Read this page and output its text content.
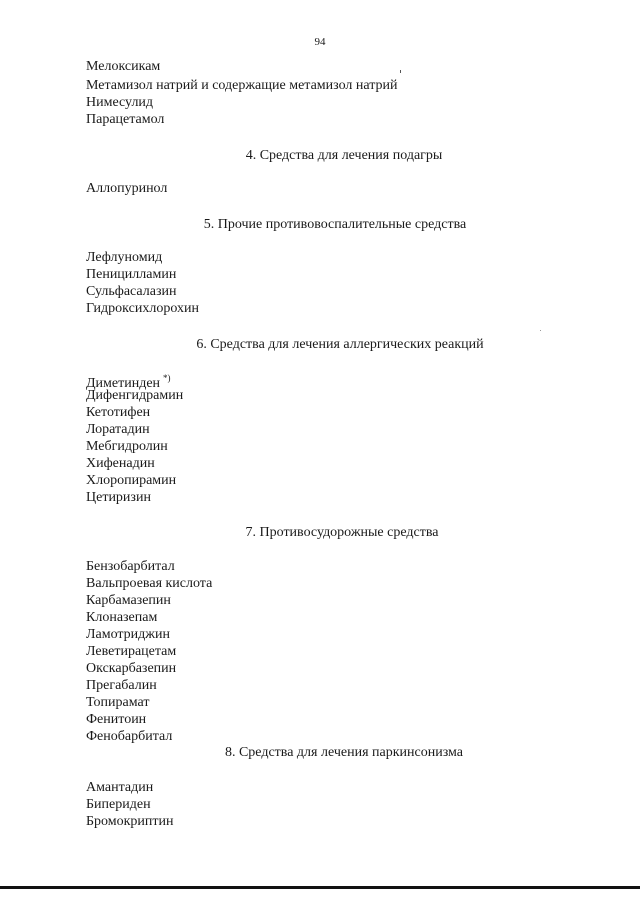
94
Мелоксикам
Метамизол натрий и содержащие метамизол натрий
Нимесулид
Парацетамол
4. Средства для лечения подагры
Аллопуринол
5. Прочие противовоспалительные средства
Лефлуномид
Пеницилламин
Сульфасалазин
Гидроксихлорохин
6. Средства для лечения аллергических реакций
Диметинден *)
Дифенгидрамин
Кетотифен
Лоратадин
Мебгидролин
Хифенадин
Хлоропирамин
Цетиризин
7. Противосудорожные средства
Бензобарбитал
Вальпроевая кислота
Карбамазепин
Клоназепам
Ламотриджин
Леветирацетам
Окскарбазепин
Прегабалин
Топирамат
Фенитоин
Фенобарбитал
8. Средства для лечения паркинсонизма
Амантадин
Бипериден
Бромокриптин
